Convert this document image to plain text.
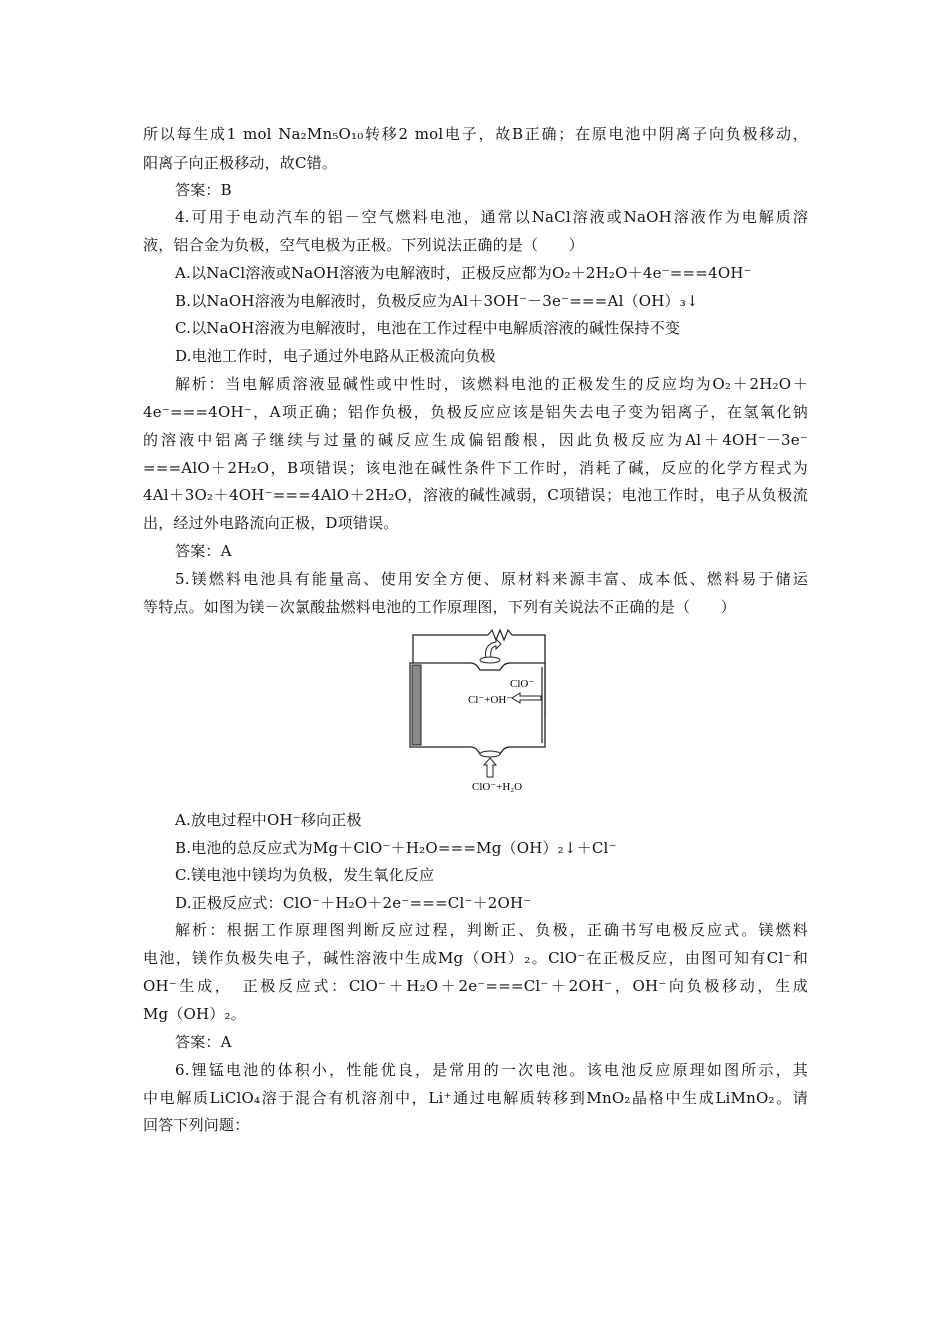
所以每生成1 mol Na₂Mn₅O₁₀转移2 mol电子，故B正确；在原电池中阴离子向负极移动，
阳离子向正极移动，故C错。
答案：B
4.可用于电动汽车的铝－空气燃料电池，通常以NaCl溶液或NaOH溶液作为电解质溶
液，铝合金为负极，空气电极为正极。下列说法正确的是（　　）
A.以NaCl溶液或NaOH溶液为电解液时，正极反应都为O₂＋2H₂O＋4e⁻===4OH⁻
B.以NaOH溶液为电解液时，负极反应为Al＋3OH⁻－3e⁻===Al（OH）₃↓
C.以NaOH溶液为电解液时，电池在工作过程中电解质溶液的碱性保持不变
D.电池工作时，电子通过外电路从正极流向负极
解析：当电解质溶液显碱性或中性时，该燃料电池的正极发生的反应均为O₂＋2H₂O＋
4e⁻===4OH⁻，A项正确；铝作负极，负极反应应该是铝失去电子变为铝离子，在氢氧化钠
的溶液中铝离子继续与过量的碱反应生成偏铝酸根，因此负极反应为Al＋4OH⁻－3e⁻
===AlO＋2H₂O，B项错误；该电池在碱性条件下工作时，消耗了碱，反应的化学方程式为
4Al＋3O₂＋4OH⁻===4AlO＋2H₂O，溶液的碱性减弱，C项错误；电池工作时，电子从负极流
出，经过外电路流向正极，D项错误。
答案：A
5.镁燃料电池具有能量高、使用安全方便、原材料来源丰富、成本低、燃料易于储运
等特点。如图为镁－次氯酸盐燃料电池的工作原理图，下列有关说法不正确的是（　　）
ClO⁻
Cl⁻+OH⁻
ClO⁻+H₂O
A.放电过程中OH⁻移向正极
B.电池的总反应式为Mg＋ClO⁻＋H₂O===Mg（OH）₂↓＋Cl⁻
C.镁电池中镁均为负极，发生氧化反应
D.正极反应式：ClO⁻＋H₂O＋2e⁻===Cl⁻＋2OH⁻
解析：根据工作原理图判断反应过程，判断正、负极，正确书写电极反应式。镁燃料
电池，镁作负极失电子，碱性溶液中生成Mg（OH）₂。ClO⁻在正极反应，由图可知有Cl⁻和
OH⁻生成，　正极反应式：ClO⁻＋H₂O＋2e⁻===Cl⁻＋2OH⁻，OH⁻向负极移动，生成
Mg（OH）₂。
答案：A
6.锂锰电池的体积小，性能优良，是常用的一次电池。该电池反应原理如图所示，其
中电解质LiClO₄溶于混合有机溶剂中，Li⁺通过电解质转移到MnO₂晶格中生成LiMnO₂。请
回答下列问题：
